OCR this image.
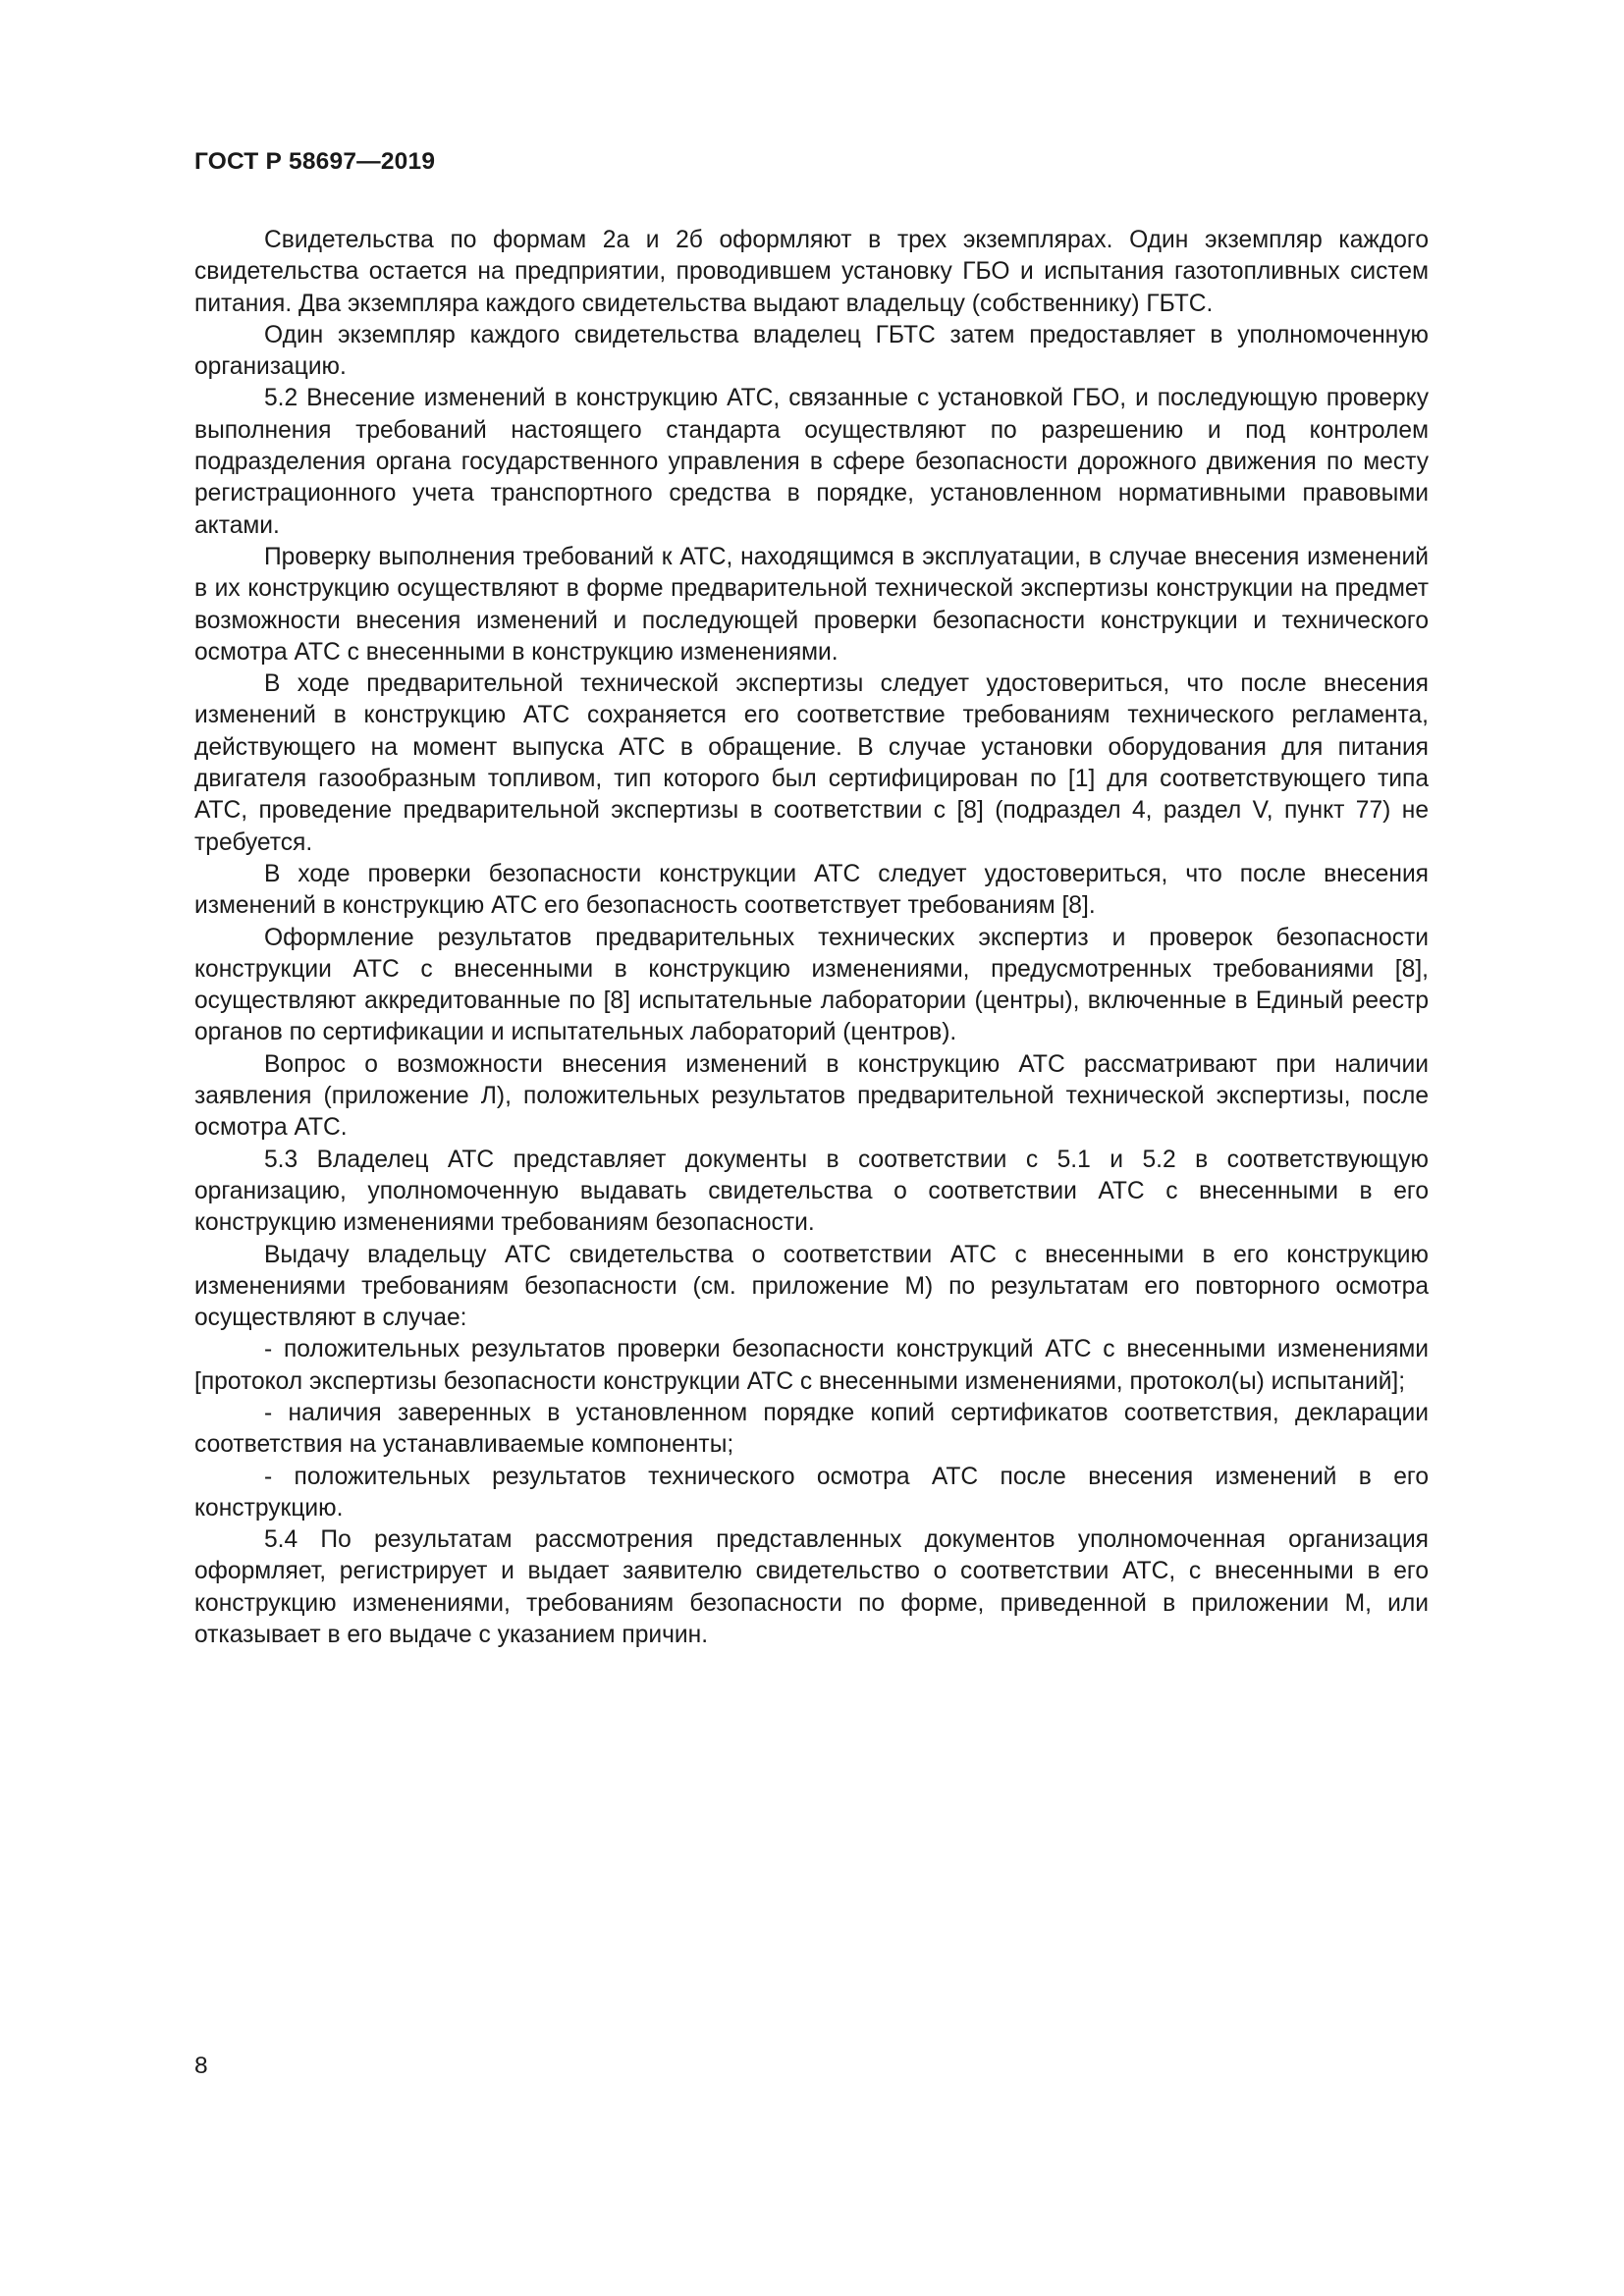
ГОСТ Р 58697—2019

Свидетельства по формам 2а и 2б оформляют в трех экземплярах. Один экземпляр каждого свидетельства остается на предприятии, проводившем установку ГБО и испытания газотопливных систем питания. Два экземпляра каждого свидетельства выдают владельцу (собственнику) ГБТС.

Один экземпляр каждого свидетельства владелец ГБТС затем предоставляет в уполномоченную организацию.

5.2 Внесение изменений в конструкцию АТС, связанные с установкой ГБО, и последующую проверку выполнения требований настоящего стандарта осуществляют по разрешению и под контролем подразделения органа государственного управления в сфере безопасности дорожного движения по месту регистрационного учета транспортного средства в порядке, установленном нормативными правовыми актами.

Проверку выполнения требований к АТС, находящимся в эксплуатации, в случае внесения изменений в их конструкцию осуществляют в форме предварительной технической экспертизы конструкции на предмет возможности внесения изменений и последующей проверки безопасности конструкции и технического осмотра АТС с внесенными в конструкцию изменениями.

В ходе предварительной технической экспертизы следует удостовериться, что после внесения изменений в конструкцию АТС сохраняется его соответствие требованиям технического регламента, действующего на момент выпуска АТС в обращение. В случае установки оборудования для питания двигателя газообразным топливом, тип которого был сертифицирован по [1] для соответствующего типа АТС, проведение предварительной экспертизы в соответствии с [8] (подраздел 4, раздел V, пункт 77) не требуется.

В ходе проверки безопасности конструкции АТС следует удостовериться, что после внесения изменений в конструкцию АТС его безопасность соответствует требованиям [8].

Оформление результатов предварительных технических экспертиз и проверок безопасности конструкции АТС с внесенными в конструкцию изменениями, предусмотренных требованиями [8], осуществляют аккредитованные по [8] испытательные лаборатории (центры), включенные в Единый реестр органов по сертификации и испытательных лабораторий (центров).

Вопрос о возможности внесения изменений в конструкцию АТС рассматривают при наличии заявления (приложение Л), положительных результатов предварительной технической экспертизы, после осмотра АТС.

5.3 Владелец АТС представляет документы в соответствии с 5.1 и 5.2 в соответствующую организацию, уполномоченную выдавать свидетельства о соответствии АТС с внесенными в его конструкцию изменениями требованиям безопасности.

Выдачу владельцу АТС свидетельства о соответствии АТС с внесенными в его конструкцию изменениями требованиям безопасности (см. приложение М) по результатам его повторного осмотра осуществляют в случае:

- положительных результатов проверки безопасности конструкций АТС с внесенными изменениями [протокол экспертизы безопасности конструкции АТС с внесенными изменениями, протокол(ы) испытаний];

- наличия заверенных в установленном порядке копий сертификатов соответствия, декларации соответствия на устанавливаемые компоненты;

- положительных результатов технического осмотра АТС после внесения изменений в его конструкцию.

5.4 По результатам рассмотрения представленных документов уполномоченная организация оформляет, регистрирует и выдает заявителю свидетельство о соответствии АТС, с внесенными в его конструкцию изменениями, требованиям безопасности по форме, приведенной в приложении М, или отказывает в его выдаче с указанием причин.

8
